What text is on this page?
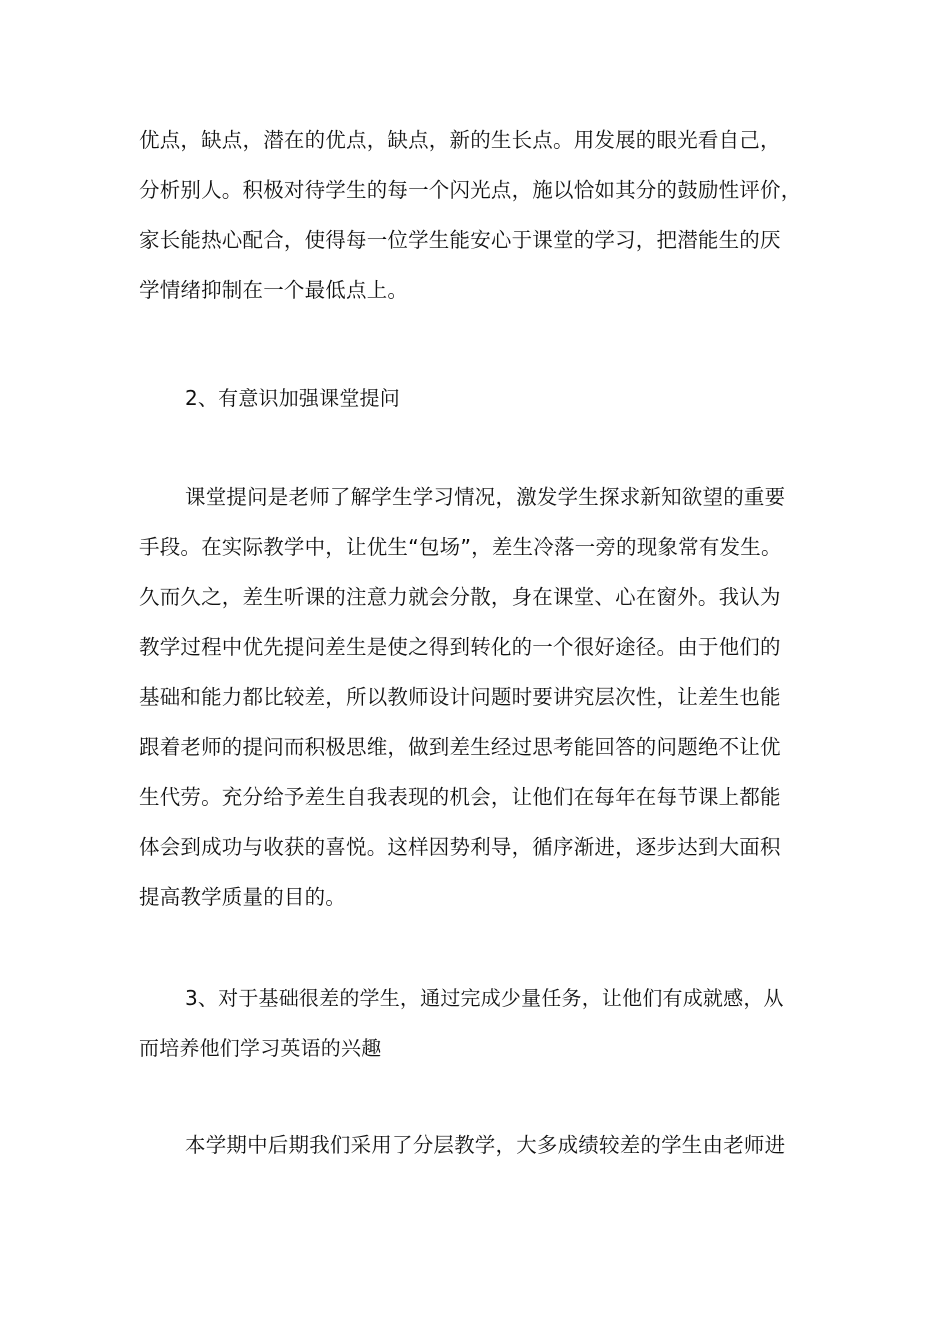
优点，缺点，潜在的优点，缺点，新的生长点。用发展的眼光看自己，
分析别人。积极对待学生的每一个闪光点，施以恰如其分的鼓励性评价，
家长能热心配合，使得每一位学生能安心于课堂的学习，把潜能生的厌
学情绪抑制在一个最低点上。
2、有意识加强课堂提问
课堂提问是老师了解学生学习情况，激发学生探求新知欲望的重要
手段。在实际教学中，让优生“包场”，差生冷落一旁的现象常有发生。
久而久之，差生听课的注意力就会分散，身在课堂、心在窗外。我认为
教学过程中优先提问差生是使之得到转化的一个很好途径。由于他们的
基础和能力都比较差，所以教师设计问题时要讲究层次性，让差生也能
跟着老师的提问而积极思维，做到差生经过思考能回答的问题绝不让优
生代劳。充分给予差生自我表现的机会，让他们在每年在每节课上都能
体会到成功与收获的喜悦。这样因势利导，循序渐进，逐步达到大面积
提高教学质量的目的。
3、对于基础很差的学生，通过完成少量任务，让他们有成就感，从
而培养他们学习英语的兴趣
本学期中后期我们采用了分层教学，大多成绩较差的学生由老师进
